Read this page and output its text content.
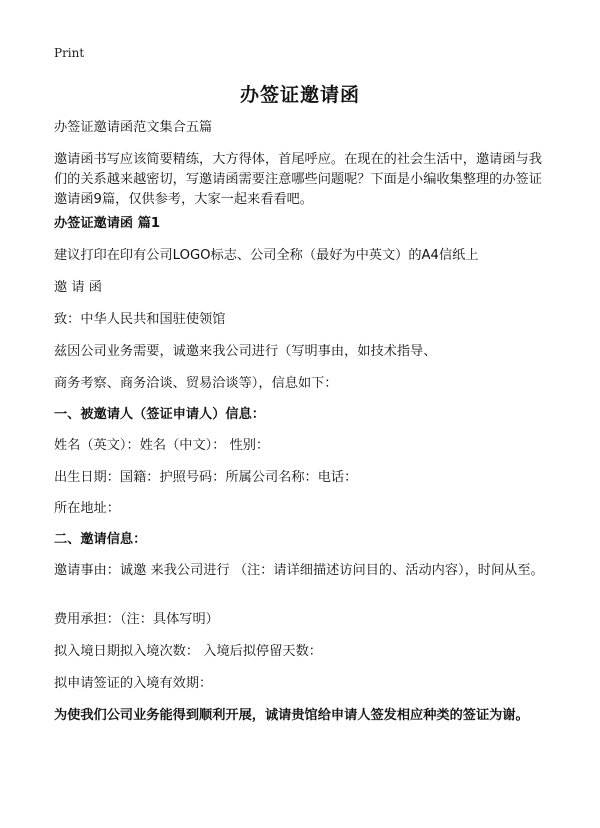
Print
办签证邀请函

办签证邀请函范文集合五篇

邀请函书写应该简要精练，大方得体，首尾呼应。在现在的社会生活中，邀请函与我们的关系越来越密切，写邀请函需要注意哪些问题呢？下面是小编收集整理的办签证邀请函9篇，仅供参考，大家一起来看看吧。

办签证邀请函 篇1

建议打印在印有公司LOGO标志、公司全称（最好为中英文）的A4信纸上

邀 请 函

致：中华人民共和国驻使领馆

兹因公司业务需要，诚邀来我公司进行（写明事由，如技术指导、

商务考察、商务洽谈、贸易洽谈等），信息如下：

一、被邀请人（签证申请人）信息：

姓名（英文）：姓名（中文）： 性别：

出生日期：国籍：护照号码：所属公司名称：电话：

所在地址：

二、邀请信息：

邀请事由：诚邀 来我公司进行 （注：请详细描述访问目的、活动内容），时间从至。

费用承担：（注：具体写明）

拟入境日期拟入境次数： 入境后拟停留天数：

拟申请签证的入境有效期：

为使我们公司业务能得到顺利开展，诚请贵馆给申请人签发相应种类的签证为谢。
